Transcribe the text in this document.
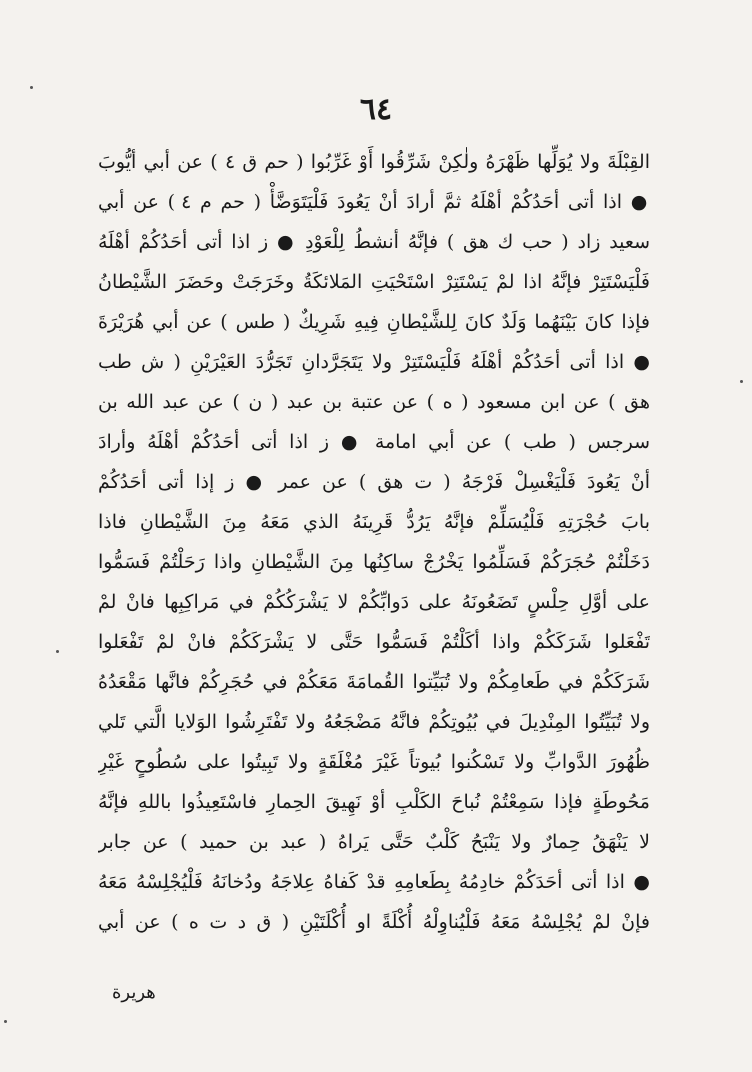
٦٤
القِبْلَةَ ولا يُوَلِّها ظَهْرَهُ ولٰكِنْ شَرِّقُوا أَوْ غَرِّبُوا ( حم ق ٤ ) عن أبي أيُّوبَ
● اذا أتى أحَدُكُمْ أهْلَهُ ثمَّ أرادَ أنْ يَعُودَ فَلْيَتَوَضَّأْ ( حم م ٤ ) عن أبي
سعيد زاد ( حب ك هق ) فإنَّهُ أنشطُ لِلْعَوْدِ ● ز اذا أتى أحَدُكُمْ أهْلَهُ
فَلْيَسْتَتِرْ فإنَّهُ اذا لمْ يَسْتَتِرْ اسْتَحْيَتِ المَلائكَةُ وخَرَجَتْ وحَضَرَ الشَّيْطانُ
فإذا كانَ بَيْنَهُما وَلَدٌ كانَ لِلشَّيْطانِ فِيهِ شَرِيكٌ ( طس ) عن أبي هُرَيْرَةَ
● اذا أتى أحَدُكُمْ أهْلَهُ فَلْيَسْتَتِرْ ولا يَتَجَرَّدانِ تَجَرُّدَ العَيْرَيْنِ ( ش طب
هق ) عن ابن مسعود ( ه ) عن عتبة بن عبد ( ن ) عن عبد الله بن
سرجس ( طب ) عن أبي امامة ● ز اذا أتى أحَدُكُمْ أهْلَهُ وأرادَ
أنْ يَعُودَ فَلْيَغْسِلْ فَرْجَهُ ( ت هق ) عن عمر ● ز إذا أتى أحَدُكُمْ
بابَ حُجْرَتِهِ فَلْيُسَلِّمْ فإنَّهُ يَرُدُّ قَرِينَهُ الذي مَعَهُ مِنَ الشَّيْطانِ فاذا
دَخَلْتُمْ حُجَرَكُمْ فَسَلِّمُوا يَخْرُجْ ساكِنُها مِنَ الشَّيْطانِ واذا رَحَلْتُمْ فَسَمُّوا
على أوَّلِ حِلْسٍ تَضَعُونَهُ على دَوابِّكُمْ لا يَشْرَكُكُمْ في مَراكِبِها فانْ لمْ
تَفْعَلوا شَرَكَكُمْ واذا أكَلْتُمْ فَسَمُّوا حَتَّى لا يَشْرَكَكُمْ فانْ لمْ تَفْعَلوا
شَرَكَكُمْ في طَعامِكُمْ ولا تُبَيِّتوا القُمامَةَ مَعَكُمْ في حُجَرِكُمْ فانَّها مَقْعَدُهُ
ولا تُبَيِّتُوا المِنْدِيلَ في بُيُوتِكُمْ فانَّهُ مَضْجَعُهُ ولا تَفْتَرِشُوا الوَلايا الَّتي تَلي
ظُهُورَ الدَّوابِّ ولا تَسْكُنوا بُيوتاً غَيْرَ مُغْلَقَةٍ ولا تَبِيتُوا على سُطُوحٍ غَيْرِ
مَحُوطَةٍ فإذا سَمِعْتُمْ نُباحَ الكَلْبِ أوْ نَهِيقَ الحِمارِ فاسْتَعِيذُوا باللهِ فإنَّهُ
لا يَنْهَقُ حِمارٌ ولا يَنْبَحُ كَلْبٌ حَتَّى يَراهُ ( عبد بن حميد ) عن جابر
● اذا أتى أحَدَكُمْ خادِمُهُ بِطَعامِهِ قدْ كَفاهُ عِلاجَهُ ودُخانَهُ فَلْيُجْلِسْهُ مَعَهُ
فإنْ لمْ يُجْلِسْهُ مَعَهُ فَلْيُناوِلْهُ أُكْلَةً او أُكْلَتَيْنِ ( ق د ت ه ) عن أبي
هريرة
